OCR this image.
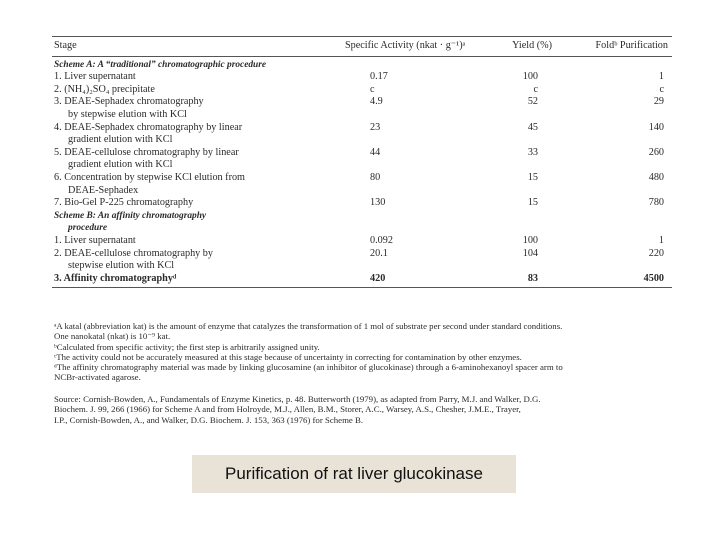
Stage	Specific Activity (nkat · g⁻¹)ᵃ	Yield (%)	Foldᵇ Purification
Scheme A: A “traditional” chromatographic procedure
1. Liver supernatant	0.17	100	1
2. (NH₄)₂SO₄ precipitate	c	c	c
3. DEAE-Sephadex chromatography	4.9	52	29
by stepwise elution with KCl
4. DEAE-Sephadex chromatography by linear	23	45	140
gradient elution with KCl
5. DEAE-cellulose chromatography by linear	44	33	260
gradient elution with KCl
6. Concentration by stepwise KCl elution from	80	15	480
DEAE-Sephadex
7. Bio-Gel P-225 chromatography	130	15	780
Scheme B: An affinity chromatography
procedure
1. Liver supernatant	0.092	100	1
2. DEAE-cellulose chromatography by	20.1	104	220
stepwise elution with KCl
3. Affinity chromatographyᵈ	420	83	4500
ᵃA katal (abbreviation kat) is the amount of enzyme that catalyzes the transformation of 1 mol of substrate per second under standard conditions.
One nanokatal (nkat) is 10⁻⁹ kat.
ᵇCalculated from specific activity; the first step is arbitrarily assigned unity.
ᶜThe activity could not be accurately measured at this stage because of uncertainty in correcting for contamination by other enzymes.
ᵈThe affinity chromatography material was made by linking glucosamine (an inhibitor of glucokinase) through a 6-aminohexanoyl spacer arm to
NCBr-activated agarose.
Source: Cornish-Bowden, A., Fundamentals of Enzyme Kinetics, p. 48. Butterworth (1979), as adapted from Parry, M.J. and Walker, D.G.
Biochem. J. 99, 266 (1966) for Scheme A and from Holroyde, M.J., Allen, B.M., Storer, A.C., Warsey, A.S., Chesher, J.M.E., Trayer,
I.P., Cornish-Bowden, A., and Walker, D.G. Biochem. J. 153, 363 (1976) for Scheme B.
Purification of rat liver glucokinase
